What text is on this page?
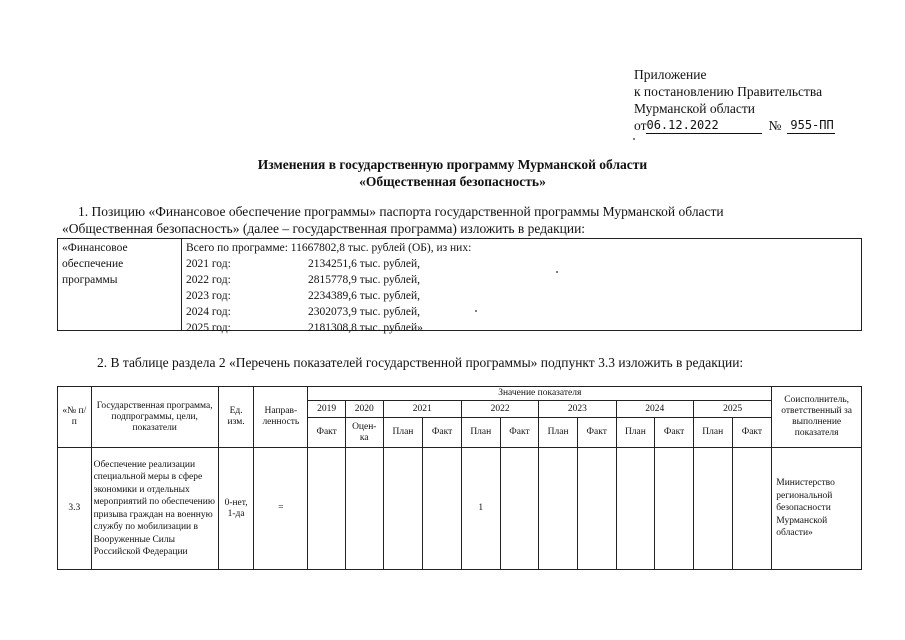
Приложение
к постановлению Правительства
Мурманской области
от 06.12.2022	№ 955-ПП
Изменения в государственную программу Мурманской области
«Общественная безопасность»
1. Позицию «Финансовое обеспечение программы» паспорта государственной программы Мурманской области
«Общественная безопасность» (далее – государственная программа) изложить в редакции:
«Финансовое обеспечение программы
Всего по программе: 11667802,8 тыс. рублей (ОБ), из них:
2021 год:	2134251,6 тыс. рублей,
2022 год:	2815778,9 тыс. рублей,
2023 год:	2234389,6 тыс. рублей,
2024 год:	2302073,9 тыс. рублей,
2025 год:	2181308,8 тыс. рублей»
2. В таблице раздела 2 «Перечень показателей государственной программы» подпункт 3.3 изложить в редакции:
«№ п/п	Государственная программа, подпрограммы, цели, показатели	Ед. изм.	Направ-ленность	Значение показателя												Соисполнитель, ответственный за выполнение показателя
				2019	2020	2021		2022		2023		2024		2025		
				Факт	Оцен-ка	План	Факт	План	Факт	План	Факт	План	Факт	План	Факт	
3.3	Обеспечение реализации специальной меры в сфере экономики и отдельных мероприятий по обеспечению призыва граждан на военную службу по мобилизации в Вооруженные Силы Российской Федерации	0-нет, 1-да	=					1								Министерство региональной безопасности Мурманской области»
